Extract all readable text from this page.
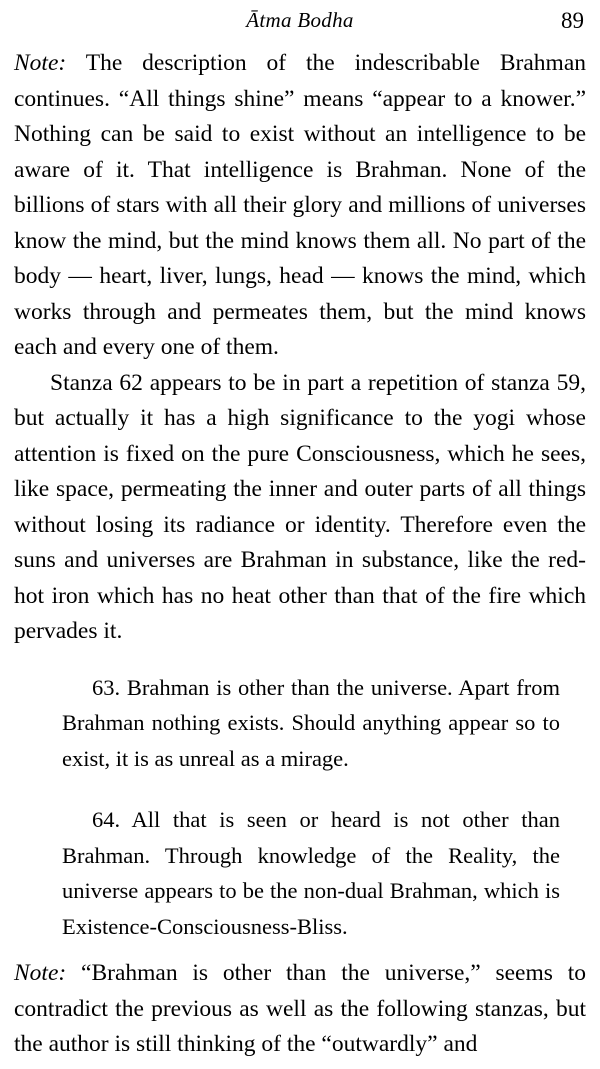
Ātma Bodha	89

Note: The description of the indescribable Brahman continues. “All things shine” means “appear to a knower.” Nothing can be said to exist without an intelligence to be aware of it. That intelligence is Brahman. None of the billions of stars with all their glory and millions of universes know the mind, but the mind knows them all. No part of the body — heart, liver, lungs, head — knows the mind, which works through and permeates them, but the mind knows each and every one of them.

Stanza 62 appears to be in part a repetition of stanza 59, but actually it has a high significance to the yogi whose attention is fixed on the pure Consciousness, which he sees, like space, permeating the inner and outer parts of all things without losing its radiance or identity. Therefore even the suns and universes are Brahman in substance, like the red-hot iron which has no heat other than that of the fire which pervades it.

63. Brahman is other than the universe. Apart from Brahman nothing exists. Should anything appear so to exist, it is as unreal as a mirage.

64. All that is seen or heard is not other than Brahman. Through knowledge of the Reality, the universe appears to be the non-dual Brahman, which is Existence-Consciousness-Bliss.

Note: “Brahman is other than the universe,” seems to contradict the previous as well as the following stanzas, but the author is still thinking of the “outwardly” and
